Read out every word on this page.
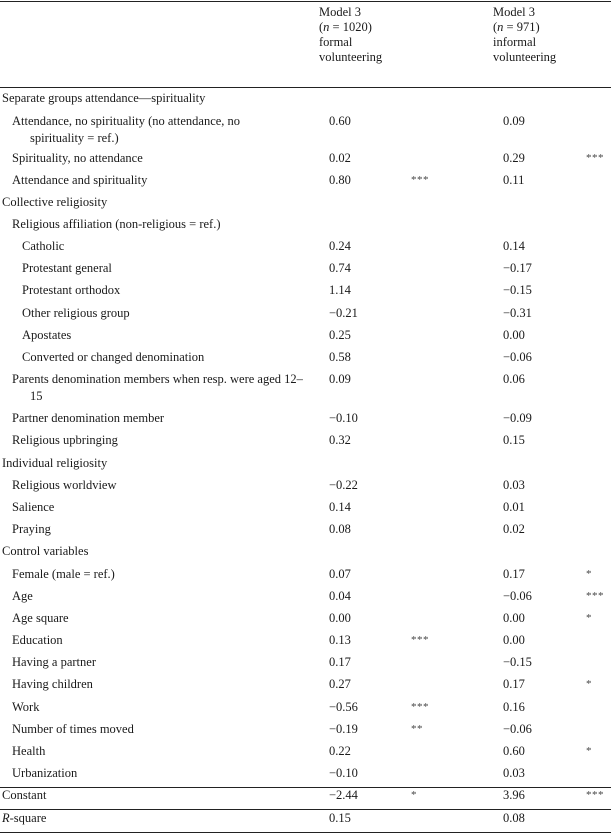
Model 3
(n = 1020)
formal
volunteering
Model 3
(n = 971)
informal
volunteering
Separate groups attendance—spirituality
Attendance, no spirituality (no attendance, no spirituality = ref.)
0.60	0.09
Spirituality, no attendance	0.02	0.29	***
Attendance and spirituality	0.80	***	0.11
Collective religiosity
Religious affiliation (non-religious = ref.)
Catholic	0.24	0.14
Protestant general	0.74	−0.17
Protestant orthodox	1.14	−0.15
Other religious group	−0.21	−0.31
Apostates	0.25	0.00
Converted or changed denomination	0.58	−0.06
Parents denomination members when resp. were aged 12–15
0.09	0.06
Partner denomination member	−0.10	−0.09
Religious upbringing	0.32	0.15
Individual religiosity
Religious worldview	−0.22	0.03
Salience	0.14	0.01
Praying	0.08	0.02
Control variables
Female (male = ref.)	0.07	0.17	*
Age	0.04	−0.06	***
Age square	0.00	0.00	*
Education	0.13	***	0.00
Having a partner	0.17	−0.15
Having children	0.27	0.17	*
Work	−0.56	***	0.16
Number of times moved	−0.19	**	−0.06
Health	0.22	0.60	*
Urbanization	−0.10	0.03
Constant	−2.44	*	3.96	***
R-square	0.15	0.08
